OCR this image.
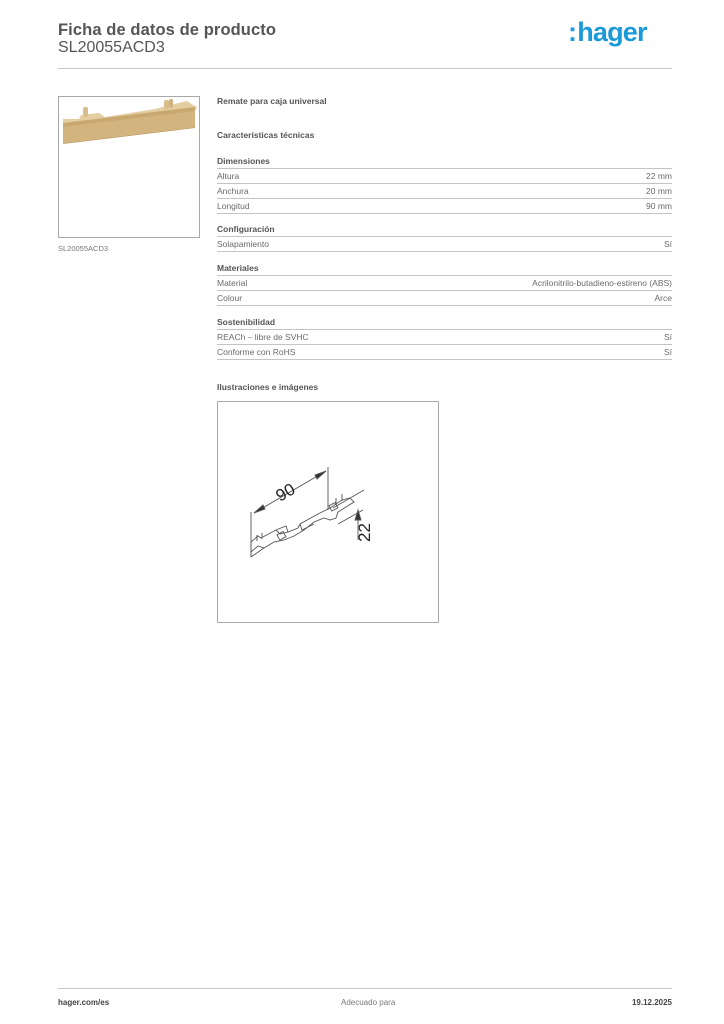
Ficha de datos de producto
SL20055ACD3
:hager
SL20055ACD3
Remate para caja universal
Características técnicas
Dimensiones
Altura	22 mm
Anchura	20 mm
Longitud	90 mm
Configuración
Solapamiento	Sí
Materiales
Material	Acrilonitrilo-butadieno-estireno (ABS)
Colour	Arce
Sostenibilidad
REACh – libre de SVHC	Sí
Conforme con RoHS	Sí
Ilustraciones e imágenes
90
22
hager.com/es	Adecuado para	19.12.2025
